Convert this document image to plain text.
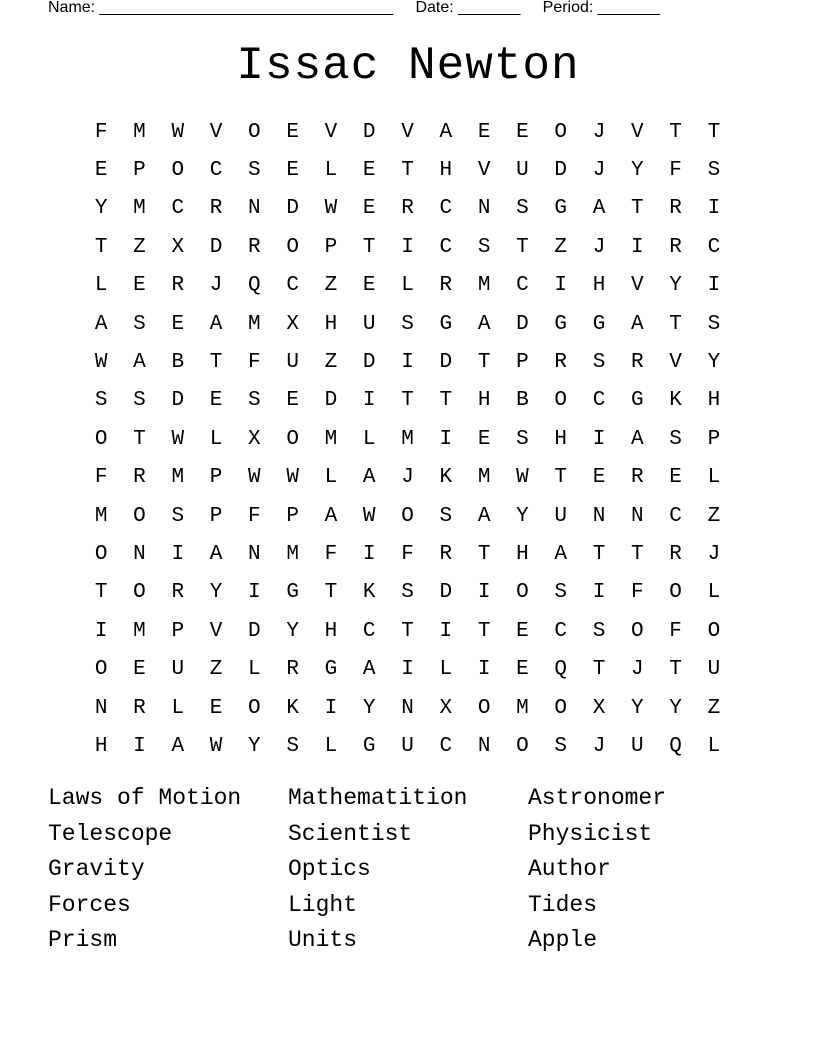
Name: _________________________________     Date: _______     Period: _______
Issac Newton
F	M	W	V	O	E	V	D	V	A	E	E	O	J	V	T	T
E	P	O	C	S	E	L	E	T	H	V	U	D	J	Y	F	S
Y	M	C	R	N	D	W	E	R	C	N	S	G	A	T	R	I
T	Z	X	D	R	O	P	T	I	C	S	T	Z	J	I	R	C
L	E	R	J	Q	C	Z	E	L	R	M	C	I	H	V	Y	I
A	S	E	A	M	X	H	U	S	G	A	D	G	G	A	T	S
W	A	B	T	F	U	Z	D	I	D	T	P	R	S	R	V	Y
S	S	D	E	S	E	D	I	T	T	H	B	O	C	G	K	H
O	T	W	L	X	O	M	L	M	I	E	S	H	I	A	S	P
F	R	M	P	W	W	L	A	J	K	M	W	T	E	R	E	L
M	O	S	P	F	P	A	W	O	S	A	Y	U	N	N	C	Z
O	N	I	A	N	M	F	I	F	R	T	H	A	T	T	R	J
T	O	R	Y	I	G	T	K	S	D	I	O	S	I	F	O	L
I	M	P	V	D	Y	H	C	T	I	T	E	C	S	O	F	O
O	E	U	Z	L	R	G	A	I	L	I	E	Q	T	J	T	U
N	R	L	E	O	K	I	Y	N	X	O	M	O	X	Y	Y	Z
H	I	A	W	Y	S	L	G	U	C	N	O	S	J	U	Q	L
Laws of Motion	Mathematition	Astronomer
Telescope	Scientist	Physicist
Gravity	Optics	Author
Forces	Light	Tides
Prism	Units	Apple
